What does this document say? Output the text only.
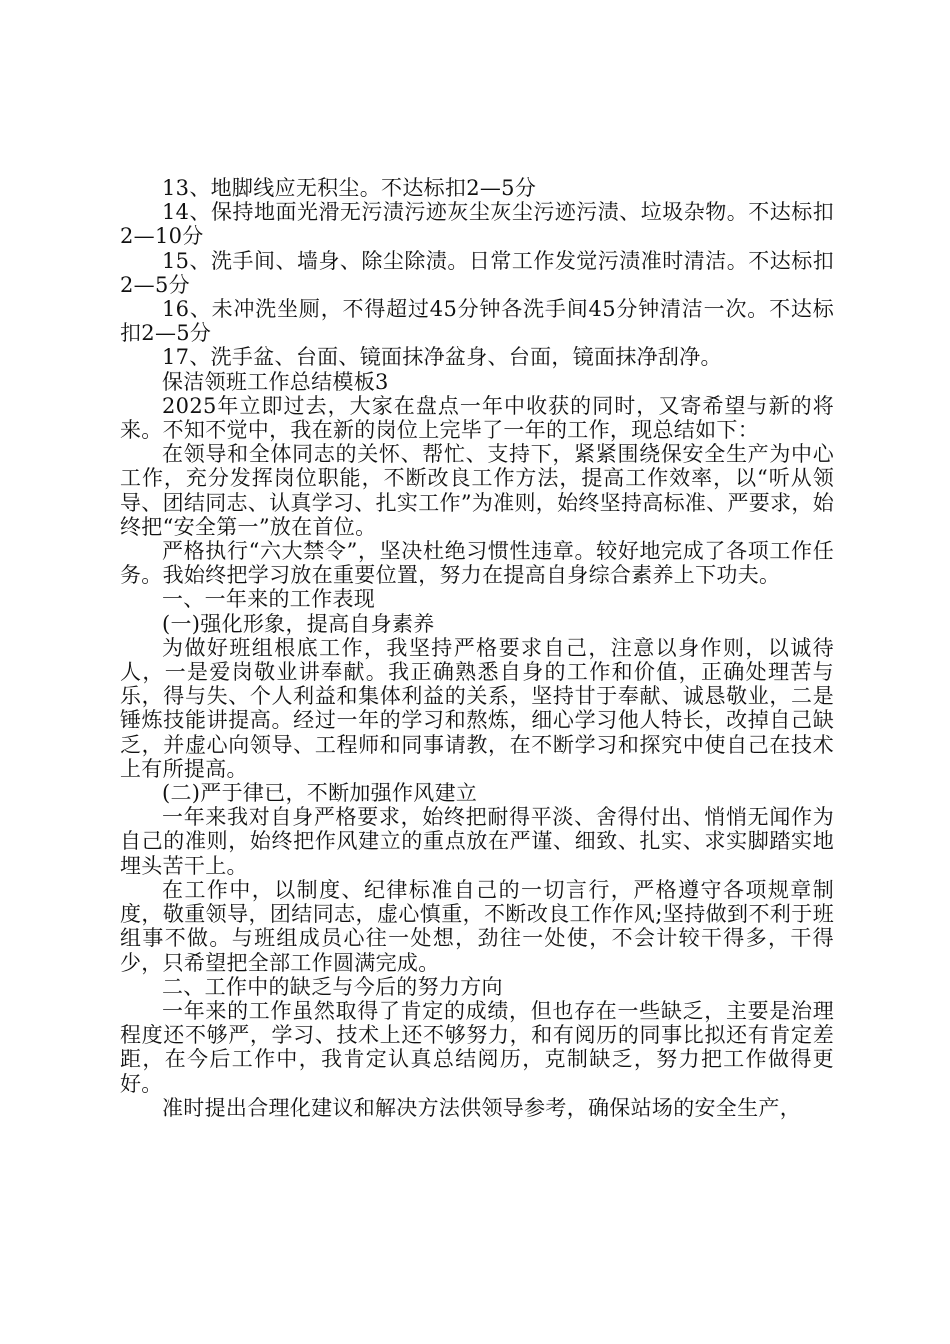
13、地脚线应无积尘。不达标扣2—5分

14、保持地面光滑无污渍污迹灰尘灰尘污迹污渍、垃圾杂物。不达标扣2—10分

15、洗手间、墙身、除尘除渍。日常工作发觉污渍准时清洁。不达标扣2—5分

16、未冲洗坐厕，不得超过45分钟各洗手间45分钟清洁一次。不达标扣2—5分

17、洗手盆、台面、镜面抹净盆身、台面，镜面抹净刮净。

保洁领班工作总结模板3

2025年立即过去，大家在盘点一年中收获的同时，又寄希望与新的将来。不知不觉中，我在新的岗位上完毕了一年的工作，现总结如下：

在领导和全体同志的关怀、帮忙、支持下，紧紧围绕保安全生产为中心工作，充分发挥岗位职能，不断改良工作方法，提高工作效率，以“听从领导、团结同志、认真学习、扎实工作”为准则，始终坚持高标准、严要求，始终把“安全第一”放在首位。

严格执行“六大禁令”，坚决杜绝习惯性违章。较好地完成了各项工作任务。我始终把学习放在重要位置，努力在提高自身综合素养上下功夫。

一、一年来的工作表现

(一)强化形象，提高自身素养

为做好班组根底工作，我坚持严格要求自己，注意以身作则，以诚待人，一是爱岗敬业讲奉献。我正确熟悉自身的工作和价值，正确处理苦与乐，得与失、个人利益和集体利益的关系，坚持甘于奉献、诚恳敬业，二是锤炼技能讲提高。经过一年的学习和熬炼，细心学习他人特长，改掉自己缺乏，并虚心向领导、工程师和同事请教，在不断学习和探究中使自己在技术上有所提高。

(二)严于律已，不断加强作风建立

一年来我对自身严格要求，始终把耐得平淡、舍得付出、悄悄无闻作为自己的准则，始终把作风建立的重点放在严谨、细致、扎实、求实脚踏实地埋头苦干上。

在工作中，以制度、纪律标准自己的一切言行，严格遵守各项规章制度，敬重领导，团结同志，虚心慎重，不断改良工作作风;坚持做到不利于班组事不做。与班组成员心往一处想，劲往一处使，不会计较干得多，干得少，只希望把全部工作圆满完成。

二、工作中的缺乏与今后的努力方向

一年来的工作虽然取得了肯定的成绩，但也存在一些缺乏，主要是治理程度还不够严，学习、技术上还不够努力，和有阅历的同事比拟还有肯定差距，在今后工作中，我肯定认真总结阅历，克制缺乏，努力把工作做得更好。

准时提出合理化建议和解决方法供领导参考，确保站场的安全生产，
